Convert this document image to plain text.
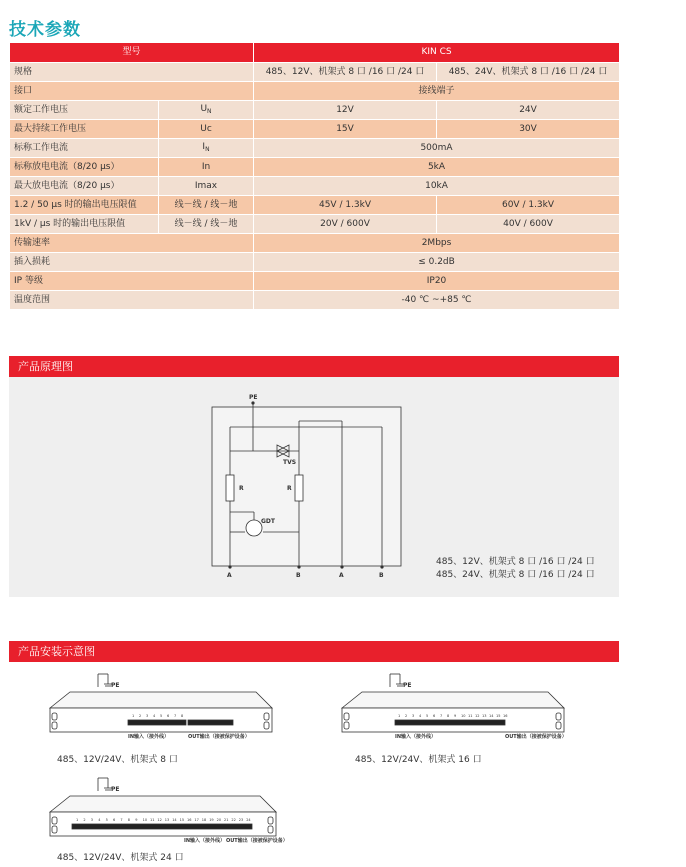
技术参数
型号		KIN CS	
规格		485、12V、机架式 8 口 /16 口 /24 口	485、24V、机架式 8 口 /16 口 /24 口
接口		接线端子	
额定工作电压	$U_N$	12V	24V
最大持续工作电压	Uc	15V	30V
标称工作电流	$I_N$	500mA	
标称放电电流（8/20 μs）	In	5kA	
最大放电电流（8/20 μs）	Imax	10kA	
1.2 / 50 μs 时的输出电压限值	线－线 / 线－地	45V / 1.3kV	60V / 1.3kV
1kV / μs 时的输出电压限值	线－线 / 线－地	20V / 600V	40V / 600V
传输速率		2Mbps	
插入损耗		≤ 0.2dB	
IP 等级		IP20	
温度范围		-40 ℃ ~+85 ℃	
产品原理图
PE
TVS
R	R
GDT
A	B	A	B
485、12V、机架式 8 口 /16 口 /24 口
485、24V、机架式 8 口 /16 口 /24 口
产品安装示意图
PE
1 2 3 4 5 6 7 8
IN输入（接外线）	OUT输出（接被保护设备）
485、12V/24V、机架式 8 口
PE
1 2 3 4 5 6 7 8 9 10 11 12 13 14 15 16
IN输入（接外线）	OUT输出（接被保护设备）
485、12V/24V、机架式 16 口
PE
1 2 3 4 5 6 7 8 9 10 11 12 13 14 15 16 17 18 19 20 21 22 23 24
IN输入（接外线） OUT输出（接被保护设备）
485、12V/24V、机架式 24 口
